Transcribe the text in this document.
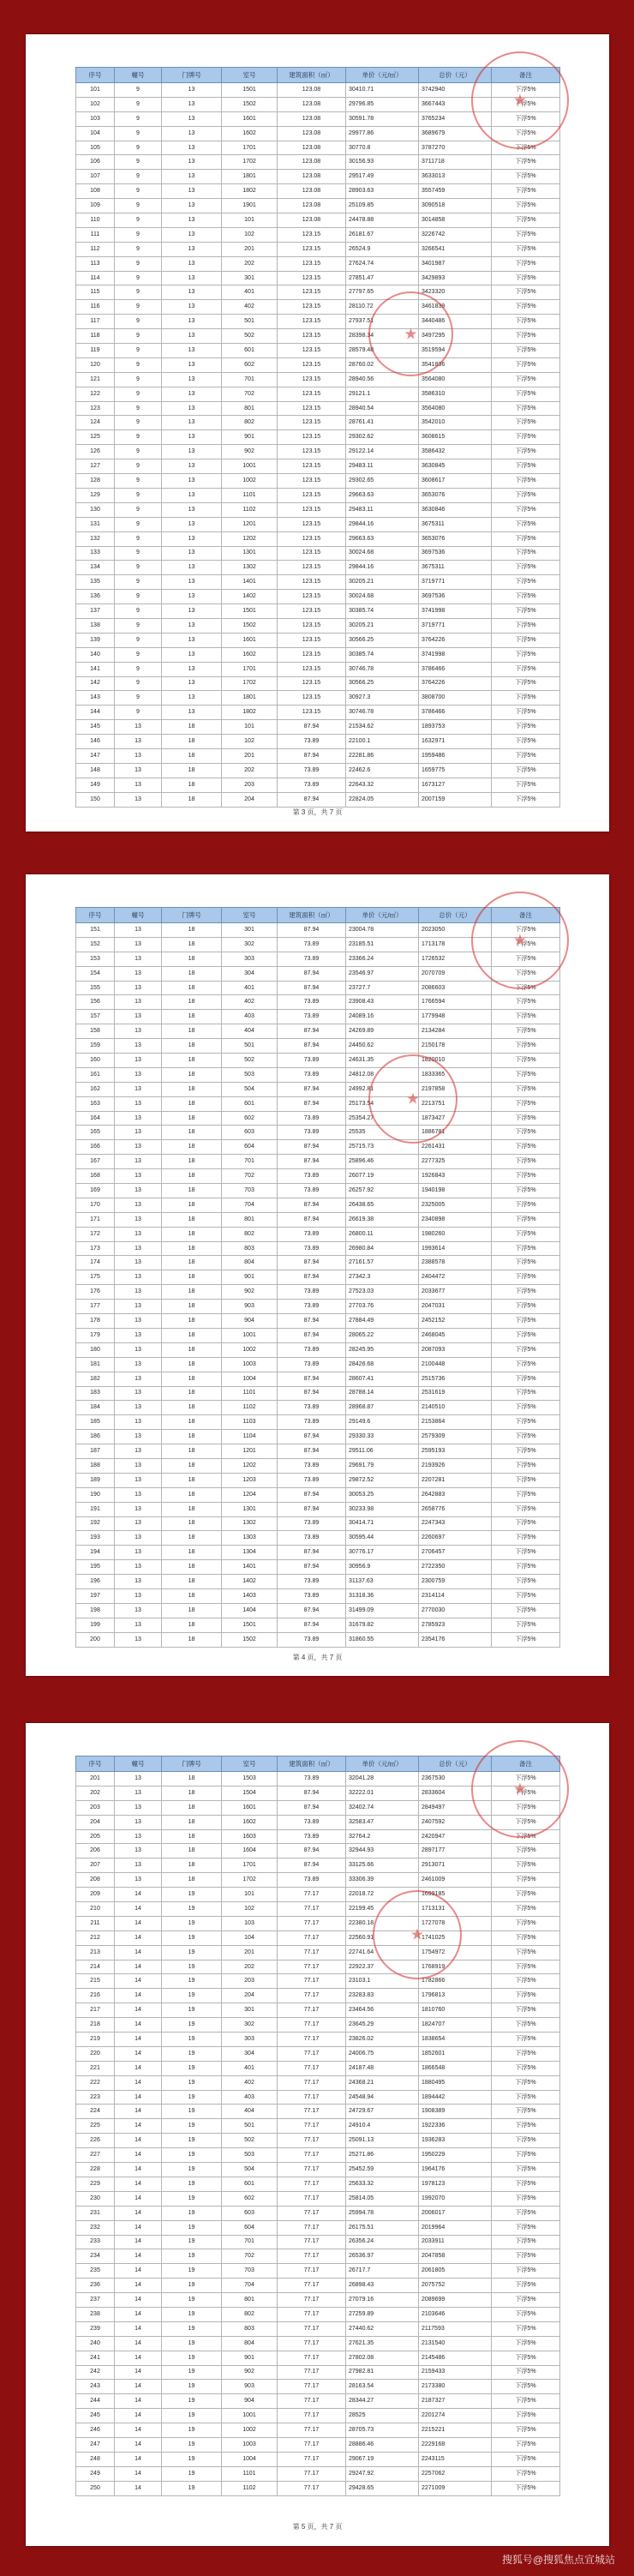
序号	幢号	门牌号	室号	建筑面积（㎡）	单价（元/㎡）	总价（元）	备注
101	9	13	1501	123.08	30410.71	3742940	下浮5%
102	9	13	1502	123.08	29796.85	3667443	下浮5%
103	9	13	1601	123.08	30591.78	3765234	下浮5%
104	9	13	1602	123.08	29977.86	3689679	下浮5%
105	9	13	1701	123.08	30770.8	3787270	下浮5%
106	9	13	1702	123.08	30156.93	3711718	下浮5%
107	9	13	1801	123.08	29517.49	3633013	下浮5%
108	9	13	1802	123.08	28903.63	3557459	下浮5%
109	9	13	1901	123.08	25109.85	3090518	下浮5%
110	9	13	101	123.08	24478.88	3014858	下浮5%
111	9	13	102	123.15	26181.67	3226742	下浮5%
112	9	13	201	123.15	26524.9	3266541	下浮5%
113	9	13	202	123.15	27624.74	3401987	下浮5%
114	9	13	301	123.15	27851.47	3429893	下浮5%
115	9	13	401	123.15	27797.65	3423320	下浮5%
116	9	13	402	123.15	28110.72	3461839	下浮5%
117	9	13	501	123.15	27937.51	3440486	下浮5%
118	9	13	502	123.15	28398.34	3497295	下浮5%
119	9	13	601	123.15	28579.48	3519594	下浮5%
120	9	13	602	123.15	28760.02	3541836	下浮5%
121	9	13	701	123.15	28940.56	3564080	下浮5%
122	9	13	702	123.15	29121.1	3586310	下浮5%
123	9	13	801	123.15	28940.54	3564080	下浮5%
124	9	13	802	123.15	28761.41	3542010	下浮5%
125	9	13	901	123.15	29302.62	3608615	下浮5%
126	9	13	902	123.15	29122.14	3586432	下浮5%
127	9	13	1001	123.15	29483.11	3630845	下浮5%
128	9	13	1002	123.15	29302.65	3608617	下浮5%
129	9	13	1101	123.15	29663.63	3653076	下浮5%
130	9	13	1102	123.15	29483.11	3630846	下浮5%
131	9	13	1201	123.15	29844.16	3675311	下浮5%
132	9	13	1202	123.15	29663.63	3653076	下浮5%
133	9	13	1301	123.15	30024.68	3697536	下浮5%
134	9	13	1302	123.15	29844.16	3675311	下浮5%
135	9	13	1401	123.15	30205.21	3719771	下浮5%
136	9	13	1402	123.15	30024.68	3697536	下浮5%
137	9	13	1501	123.15	30385.74	3741998	下浮5%
138	9	13	1502	123.15	30205.21	3719771	下浮5%
139	9	13	1601	123.15	30566.25	3764226	下浮5%
140	9	13	1602	123.15	30385.74	3741998	下浮5%
141	9	13	1701	123.15	30746.78	3786466	下浮5%
142	9	13	1702	123.15	30566.25	3764226	下浮5%
143	9	13	1801	123.15	30927.3	3808700	下浮5%
144	9	13	1802	123.15	30746.78	3786466	下浮5%
145	13	18	101	87.94	21534.62	1893753	下浮5%
146	13	18	102	73.89	22100.1	1632971	下浮5%
147	13	18	201	87.94	22281.86	1959486	下浮5%
148	13	18	202	73.89	22462.6	1659775	下浮5%
149	13	18	203	73.89	22643.32	1673127	下浮5%
150	13	18	204	87.94	22824.05	2007159	下浮5%
★
★
第 3 页，共 7 页
序号	幢号	门牌号	室号	建筑面积（㎡）	单价（元/㎡）	总价（元）	备注
151	13	18	301	87.94	23004.78	2023050	下浮5%
152	13	18	302	73.89	23185.51	1713178	下浮5%
153	13	18	303	73.89	23366.24	1726532	下浮5%
154	13	18	304	87.94	23546.97	2070709	下浮5%
155	13	18	401	87.94	23727.7	2086603	下浮5%
156	13	18	402	73.89	23908.43	1766594	下浮5%
157	13	18	403	73.89	24089.16	1779948	下浮5%
158	13	18	404	87.94	24269.89	2134284	下浮5%
159	13	18	501	87.94	24450.62	2150178	下浮5%
160	13	18	502	73.89	24631.35	1820010	下浮5%
161	13	18	503	73.89	24812.08	1833365	下浮5%
162	13	18	504	87.94	24992.81	2197858	下浮5%
163	13	18	601	87.94	25173.54	2213751	下浮5%
164	13	18	602	73.89	25354.27	1873427	下浮5%
165	13	18	603	73.89	25535	1886781	下浮5%
166	13	18	604	87.94	25715.73	2261431	下浮5%
167	13	18	701	87.94	25896.46	2277325	下浮5%
168	13	18	702	73.89	26077.19	1926843	下浮5%
169	13	18	703	73.89	26257.92	1940198	下浮5%
170	13	18	704	87.94	26438.65	2325005	下浮5%
171	13	18	801	87.94	26619.38	2340898	下浮5%
172	13	18	802	73.89	26800.11	1980260	下浮5%
173	13	18	803	73.89	26980.84	1993614	下浮5%
174	13	18	804	87.94	27161.57	2388578	下浮5%
175	13	18	901	87.94	27342.3	2404472	下浮5%
176	13	18	902	73.89	27523.03	2033677	下浮5%
177	13	18	903	73.89	27703.76	2047031	下浮5%
178	13	18	904	87.94	27884.49	2452152	下浮5%
179	13	18	1001	87.94	28065.22	2468045	下浮5%
180	13	18	1002	73.89	28245.95	2087093	下浮5%
181	13	18	1003	73.89	28426.68	2100448	下浮5%
182	13	18	1004	87.94	28607.41	2515736	下浮5%
183	13	18	1101	87.94	28788.14	2531619	下浮5%
184	13	18	1102	73.89	28968.87	2140510	下浮5%
185	13	18	1103	73.89	29149.6	2153864	下浮5%
186	13	18	1104	87.94	29330.33	2579309	下浮5%
187	13	18	1201	87.94	29511.06	2595193	下浮5%
188	13	18	1202	73.89	29691.79	2193926	下浮5%
189	13	18	1203	73.89	29872.52	2207281	下浮5%
190	13	18	1204	87.94	30053.25	2642883	下浮5%
191	13	18	1301	87.94	30233.98	2658776	下浮5%
192	13	18	1302	73.89	30414.71	2247343	下浮5%
193	13	18	1303	73.89	30595.44	2260697	下浮5%
194	13	18	1304	87.94	30776.17	2706457	下浮5%
195	13	18	1401	87.94	30956.9	2722350	下浮5%
196	13	18	1402	73.89	31137.63	2300759	下浮5%
197	13	18	1403	73.89	31318.36	2314114	下浮5%
198	13	18	1404	87.94	31499.09	2770030	下浮5%
199	13	18	1501	87.94	31679.82	2785923	下浮5%
200	13	18	1502	73.89	31860.55	2354176	下浮5%
★
★
第 4 页，共 7 页
序号	幢号	门牌号	室号	建筑面积（㎡）	单价（元/㎡）	总价（元）	备注
201	13	18	1503	73.89	32041.28	2367530	下浮5%
202	13	18	1504	87.94	32222.01	2833604	下浮5%
203	13	18	1601	87.94	32402.74	2849497	下浮5%
204	13	18	1602	73.89	32583.47	2407592	下浮5%
205	13	18	1603	73.89	32764.2	2420947	下浮5%
206	13	18	1604	87.94	32944.93	2897177	下浮5%
207	13	18	1701	87.94	33125.66	2913071	下浮5%
208	13	18	1702	73.89	33306.39	2461009	下浮5%
209	14	19	101	77.17	22018.72	1699185	下浮5%
210	14	19	102	77.17	22199.45	1713131	下浮5%
211	14	19	103	77.17	22380.18	1727078	下浮5%
212	14	19	104	77.17	22560.91	1741025	下浮5%
213	14	19	201	77.17	22741.64	1754972	下浮5%
214	14	19	202	77.17	22922.37	1768919	下浮5%
215	14	19	203	77.17	23103.1	1782866	下浮5%
216	14	19	204	77.17	23283.83	1796813	下浮5%
217	14	19	301	77.17	23464.56	1810760	下浮5%
218	14	19	302	77.17	23645.29	1824707	下浮5%
219	14	19	303	77.17	23826.02	1838654	下浮5%
220	14	19	304	77.17	24006.75	1852601	下浮5%
221	14	19	401	77.17	24187.48	1866548	下浮5%
222	14	19	402	77.17	24368.21	1880495	下浮5%
223	14	19	403	77.17	24548.94	1894442	下浮5%
224	14	19	404	77.17	24729.67	1908389	下浮5%
225	14	19	501	77.17	24910.4	1922336	下浮5%
226	14	19	502	77.17	25091.13	1936283	下浮5%
227	14	19	503	77.17	25271.86	1950229	下浮5%
228	14	19	504	77.17	25452.59	1964176	下浮5%
229	14	19	601	77.17	25633.32	1978123	下浮5%
230	14	19	602	77.17	25814.05	1992070	下浮5%
231	14	19	603	77.17	25994.78	2006017	下浮5%
232	14	19	604	77.17	26175.51	2019964	下浮5%
233	14	19	701	77.17	26356.24	2033911	下浮5%
234	14	19	702	77.17	26536.97	2047858	下浮5%
235	14	19	703	77.17	26717.7	2061805	下浮5%
236	14	19	704	77.17	26898.43	2075752	下浮5%
237	14	19	801	77.17	27079.16	2089699	下浮5%
238	14	19	802	77.17	27259.89	2103646	下浮5%
239	14	19	803	77.17	27440.62	2117593	下浮5%
240	14	19	804	77.17	27621.35	2131540	下浮5%
241	14	19	901	77.17	27802.08	2145486	下浮5%
242	14	19	902	77.17	27982.81	2159433	下浮5%
243	14	19	903	77.17	28163.54	2173380	下浮5%
244	14	19	904	77.17	28344.27	2187327	下浮5%
245	14	19	1001	77.17	28525	2201274	下浮5%
246	14	19	1002	77.17	28705.73	2215221	下浮5%
247	14	19	1003	77.17	28886.46	2229168	下浮5%
248	14	19	1004	77.17	29067.19	2243115	下浮5%
249	14	19	1101	77.17	29247.92	2257062	下浮5%
250	14	19	1102	77.17	29428.65	2271009	下浮5%
★
★
第 5 页，共 7 页
搜狐号@搜狐焦点宣城站
